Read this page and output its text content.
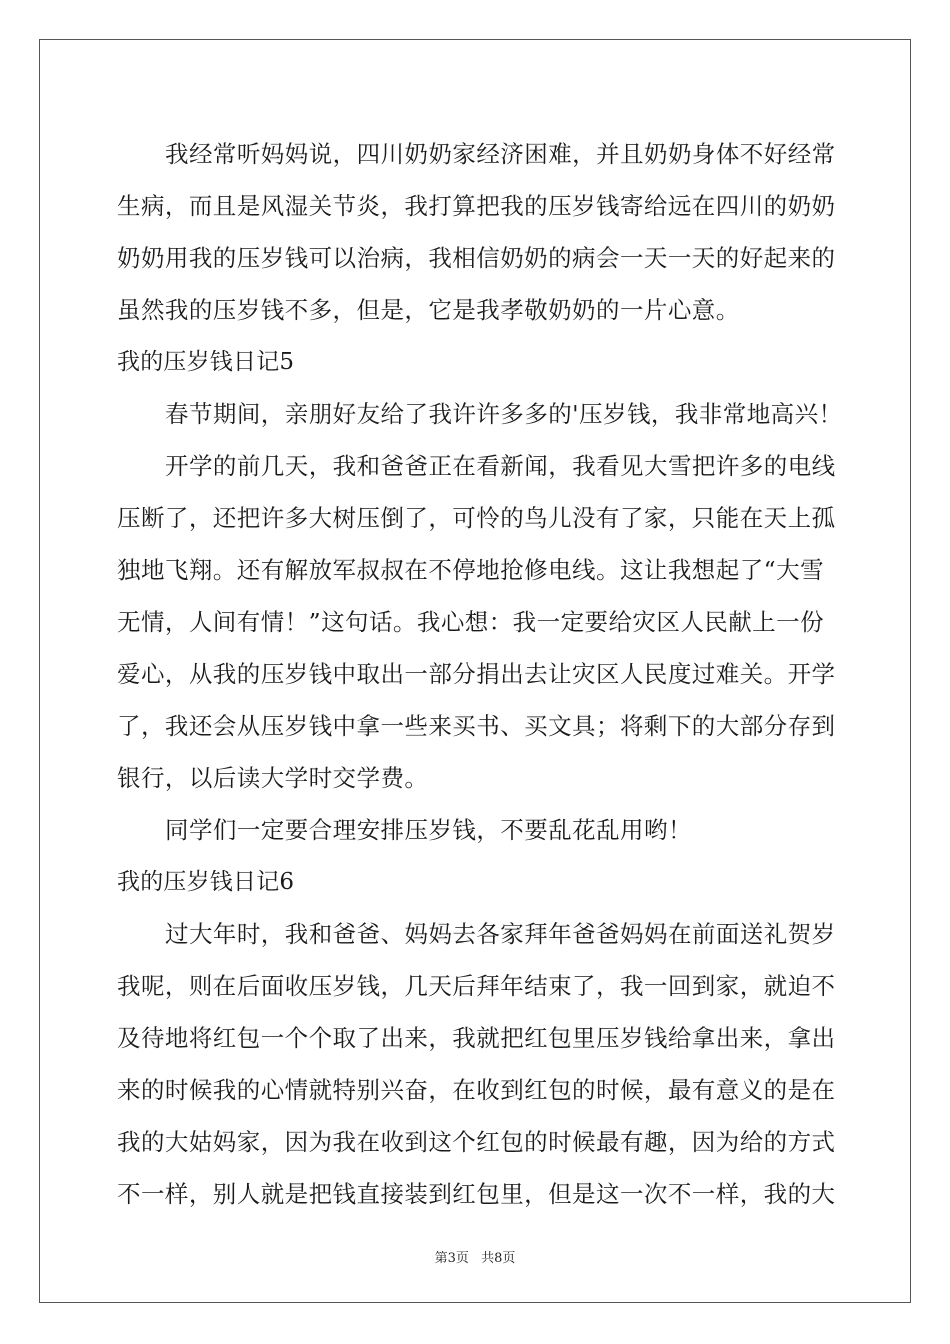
我经常听妈妈说，四川奶奶家经济困难，并且奶奶身体不好经常
生病，而且是风湿关节炎，我打算把我的压岁钱寄给远在四川的奶奶
奶奶用我的压岁钱可以治病，我相信奶奶的病会一天一天的好起来的
虽然我的压岁钱不多，但是，它是我孝敬奶奶的一片心意。
我的压岁钱日记5
春节期间，亲朋好友给了我许许多多的'压岁钱，我非常地高兴！
开学的前几天，我和爸爸正在看新闻，我看见大雪把许多的电线
压断了，还把许多大树压倒了，可怜的鸟儿没有了家，只能在天上孤
独地飞翔。还有解放军叔叔在不停地抢修电线。这让我想起了“大雪
无情，人间有情！”这句话。我心想：我一定要给灾区人民献上一份
爱心，从我的压岁钱中取出一部分捐出去让灾区人民度过难关。开学
了，我还会从压岁钱中拿一些来买书、买文具；将剩下的大部分存到
银行，以后读大学时交学费。
同学们一定要合理安排压岁钱，不要乱花乱用哟！
我的压岁钱日记6
过大年时，我和爸爸、妈妈去各家拜年爸爸妈妈在前面送礼贺岁
我呢，则在后面收压岁钱，几天后拜年结束了，我一回到家，就迫不
及待地将红包一个个取了出来，我就把红包里压岁钱给拿出来，拿出
来的时候我的心情就特别兴奋，在收到红包的时候，最有意义的是在
我的大姑妈家，因为我在收到这个红包的时候最有趣，因为给的方式
不一样，别人就是把钱直接装到红包里，但是这一次不一样，我的大
第3页 共8页
